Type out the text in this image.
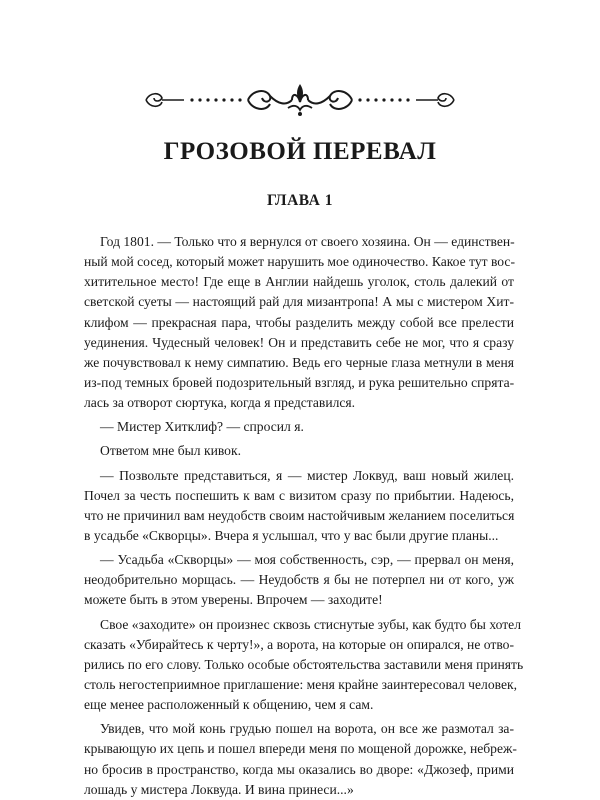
ГРОЗОВОЙ ПЕРЕВАЛ
ГЛАВА 1
Год 1801. — Только что я вернулся от своего хозяина. Он — единствен-
ный мой сосед, который может нарушить мое одиночество. Какое тут вос-
хитительное место! Где еще в Англии найдешь уголок, столь далекий от
светской суеты — настоящий рай для мизантропа! А мы с мистером Хит-
клифом — прекрасная пара, чтобы разделить между собой все прелести
уединения. Чудесный человек! Он и представить себе не мог, что я сразу
же почувствовал к нему симпатию. Ведь его черные глаза метнули в меня
из-под темных бровей подозрительный взгляд, и рука решительно спрята-
лась за отворот сюртука, когда я представился.
— Мистер Хитклиф? — спросил я.
Ответом мне был кивок.
— Позвольте представиться, я — мистер Локвуд, ваш новый жилец.
Почел за честь поспешить к вам с визитом сразу по прибытии. Надеюсь,
что не причинил вам неудобств своим настойчивым желанием поселиться
в усадьбе «Скворцы». Вчера я услышал, что у вас были другие планы...
— Усадьба «Скворцы» — моя собственность, сэр, — прервал он меня,
неодобрительно морщась. — Неудобств я бы не потерпел ни от кого, уж
можете быть в этом уверены. Впрочем — заходите!
Свое «заходите» он произнес сквозь стиснутые зубы, как будто бы хотел
сказать «Убирайтесь к черту!», а ворота, на которые он опирался, не отво-
рились по его слову. Только особые обстоятельства заставили меня принять
столь негостеприимное приглашение: меня крайне заинтересовал человек,
еще менее расположенный к общению, чем я сам.
Увидев, что мой конь грудью пошел на ворота, он все же размотал за-
крывающую их цепь и пошел впереди меня по мощеной дорожке, небреж-
но бросив в пространство, когда мы оказались во дворе: «Джозеф, прими
лошадь у мистера Локвуда. И вина принеси...»
